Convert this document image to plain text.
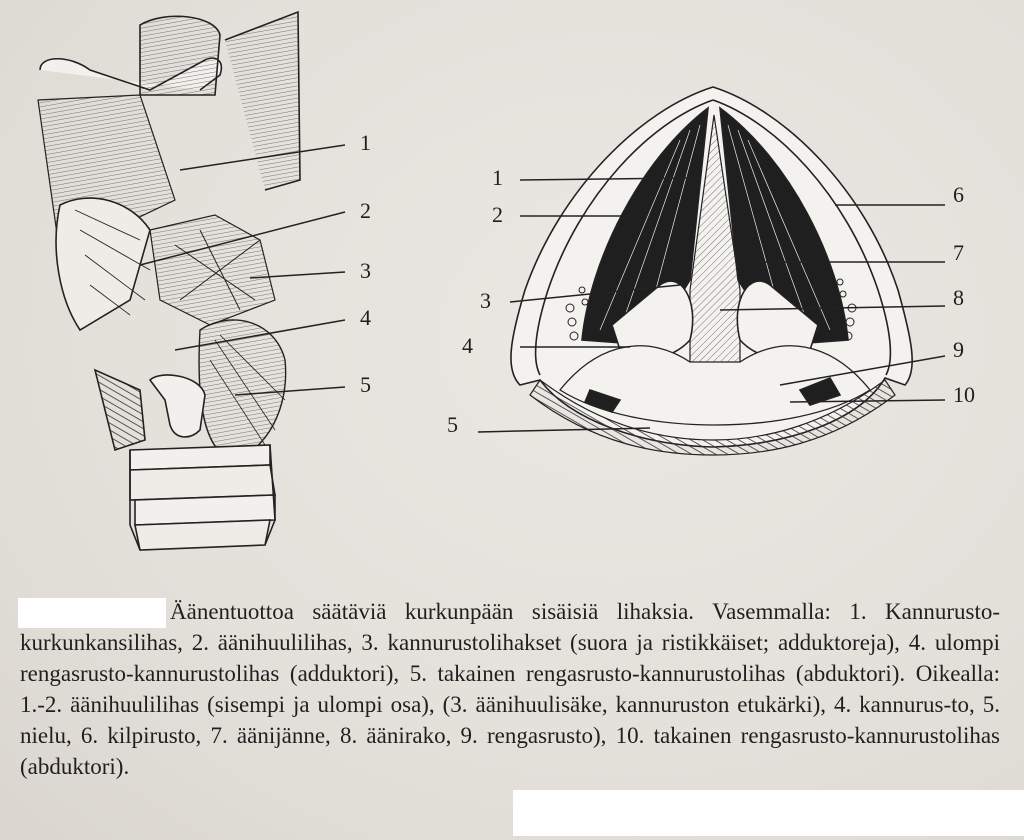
1
2
3
4
5
1
2
3
4
5
6
7
8
9
10
Äänentuottoa säätäviä kurkunpään sisäisiä lihaksia. Vasemmalla: 1. Kannurusto-kurkunkansilihas, 2. äänihuulilihas, 3. kannurustolihakset (suora ja ristikkäiset; adduktoreja), 4. ulompi rengasrusto-kannurustolihas (adduktori), 5. takainen rengasrusto-kannurustolihas (abduktori). Oikealla: 1.-2. äänihuulilihas (sisempi ja ulompi osa), (3. äänihuulisäke, kannuruston etukärki), 4. kannurus-to, 5. nielu, 6. kilpirusto, 7. äänijänne, 8. äänirako, 9. rengasrusto), 10. takainen rengasrusto-kannurustolihas (abduktori).
